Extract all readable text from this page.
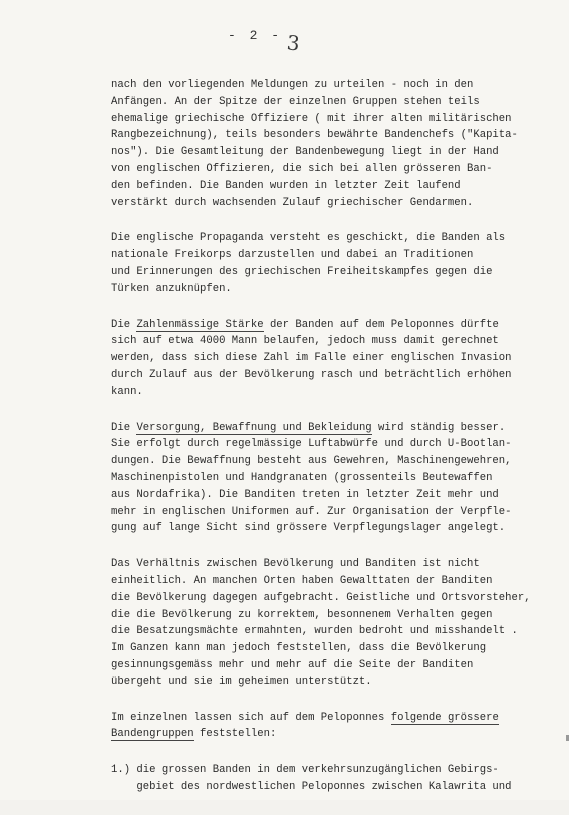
- 2 - 3
nach den vorliegenden Meldungen zu urteilen - noch in den
Anfängen. An der Spitze der einzelnen Gruppen stehen teils
ehemalige griechische Offiziere ( mit ihrer alten militärischen
Rangbezeichnung), teils besonders bewährte Bandenchefs ("Kapita-
nos"). Die Gesamtleitung der Bandenbewegung liegt in der Hand
von englischen Offizieren, die sich bei allen grösseren Ban-
den befinden. Die Banden wurden in letzter Zeit laufend
verstärkt durch wachsenden Zulauf griechischer Gendarmen.
Die englische Propaganda versteht es geschickt, die Banden als
nationale Freikorps darzustellen und dabei an Traditionen
und Erinnerungen des griechischen Freiheitskampfes gegen die
Türken anzuknüpfen.
Die Zahlenmässige Stärke der Banden auf dem Peloponnes dürfte
sich auf etwa 4000 Mann belaufen, jedoch muss damit gerechnet
werden, dass sich diese Zahl im Falle einer englischen Invasion
durch Zulauf aus der Bevölkerung rasch und beträchtlich erhöhen
kann.
Die Versorgung, Bewaffnung und Bekleidung wird ständig besser.
Sie erfolgt durch regelmässige Luftabwürfe und durch U-Bootlan-
dungen. Die Bewaffnung besteht aus Gewehren, Maschinengewehren,
Maschinenpistolen und Handgranaten (grossenteils Beutewaffen
aus Nordafrika). Die Banditen treten in letzter Zeit mehr und
mehr in englischen Uniformen auf. Zur Organisation der Verpfle-
gung auf lange Sicht sind grössere Verpflegungslager angelegt.
Das Verhältnis zwischen Bevölkerung und Banditen ist nicht
einheitlich. An manchen Orten haben Gewalttaten der Banditen
die Bevölkerung dagegen aufgebracht. Geistliche und Ortsvorsteher,
die die Bevölkerung zu korrektem, besonnenem Verhalten gegen
die Besatzungsmächte ermahnten, wurden bedroht und misshandelt .
Im Ganzen kann man jedoch feststellen, dass die Bevölkerung
gesinnungsgemäss mehr und mehr auf die Seite der Banditen
übergeht und sie im geheimen unterstützt.
Im einzelnen lassen sich auf dem Peloponnes folgende grössere
Bandengruppen feststellen:
1.) die grossen Banden in dem verkehrsunzugänglichen Gebirgs-
gebiet des nordwestlichen Peloponnes zwischen Kalawrita und
